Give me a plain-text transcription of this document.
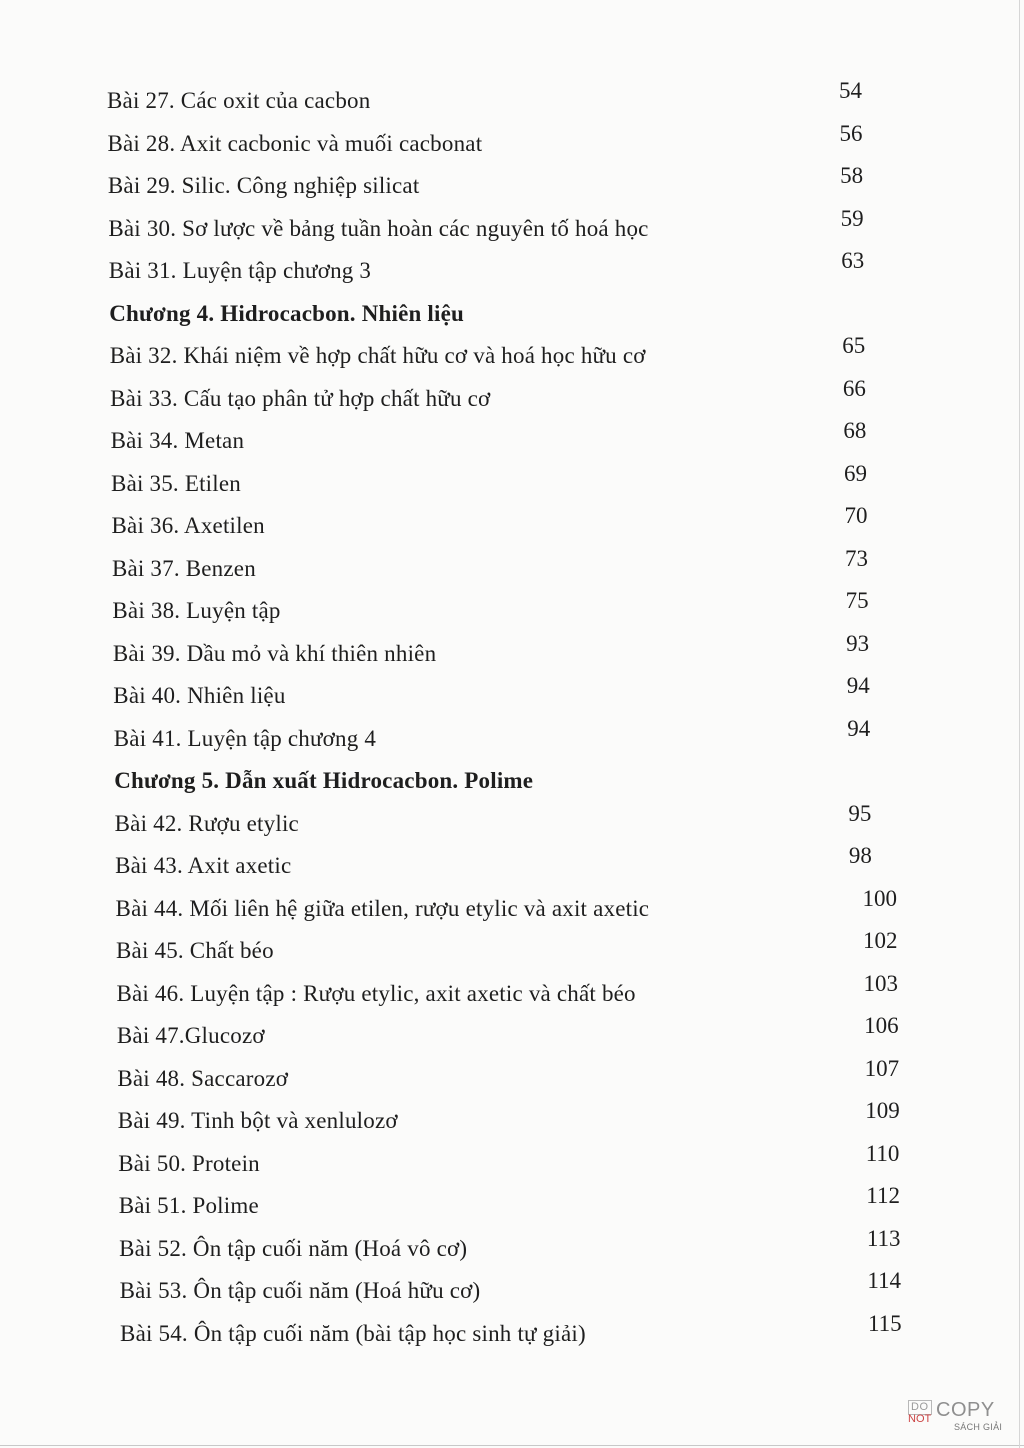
Bài 27. Các oxit của cacbon	54
Bài 28. Axit cacbonic và muối cacbonat	56
Bài 29. Silic. Công nghiệp silicat	58
Bài 30. Sơ lược về bảng tuần hoàn các nguyên tố hoá học	59
Bài 31. Luyện tập chương 3	63
Chương 4. Hidrocacbon. Nhiên liệu
Bài 32. Khái niệm về hợp chất hữu cơ và hoá học hữu cơ	65
Bài 33. Cấu tạo phân tử hợp chất hữu cơ	66
Bài 34. Metan	68
Bài 35. Etilen	69
Bài 36. Axetilen	70
Bài 37. Benzen	73
Bài 38. Luyện tập	75
Bài 39. Dầu mỏ và khí thiên nhiên	93
Bài 40. Nhiên liệu	94
Bài 41. Luyện tập chương 4	94
Chương 5. Dẫn xuất Hidrocacbon. Polime
Bài 42. Rượu etylic	95
Bài 43. Axit axetic	98
Bài 44. Mối liên hệ giữa etilen, rượu etylic và axit axetic	100
Bài 45. Chất béo	102
Bài 46. Luyện tập : Rượu etylic, axit axetic và chất béo	103
Bài 47.Glucozơ	106
Bài 48. Saccarozơ	107
Bài 49. Tinh bột và xenlulozơ	109
Bài 50. Protein	110
Bài 51. Polime	112
Bài 52. Ôn tập cuối năm (Hoá vô cơ)	113
Bài 53. Ôn tập cuối năm (Hoá hữu cơ)	114
Bài 54. Ôn tập cuối năm (bài tập học sinh tự giải)	115
DO
NOT COPY
SÁCH GIẢI
